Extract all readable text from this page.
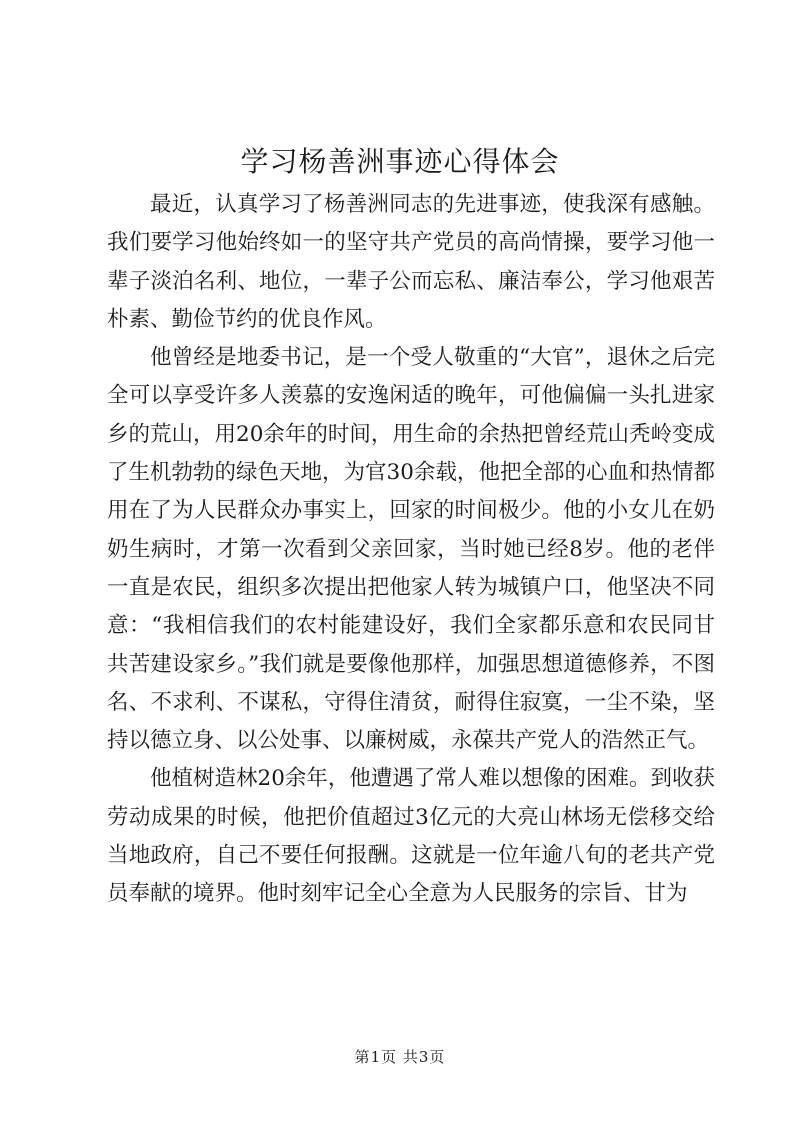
学习杨善洲事迹心得体会

最近，认真学习了杨善洲同志的先进事迹，使我深有感触。我们要学习他始终如一的坚守共产党员的高尚情操，要学习他一辈子淡泊名利、地位，一辈子公而忘私、廉洁奉公，学习他艰苦朴素、勤俭节约的优良作风。

他曾经是地委书记，是一个受人敬重的“大官”，退休之后完全可以享受许多人羡慕的安逸闲适的晚年，可他偏偏一头扎进家乡的荒山，用20余年的时间，用生命的余热把曾经荒山秃岭变成了生机勃勃的绿色天地，为官30余载，他把全部的心血和热情都用在了为人民群众办事实上，回家的时间极少。他的小女儿在奶奶生病时，才第一次看到父亲回家，当时她已经8岁。他的老伴一直是农民，组织多次提出把他家人转为城镇户口，他坚决不同意：“我相信我们的农村能建设好，我们全家都乐意和农民同甘共苦建设家乡。”我们就是要像他那样，加强思想道德修养，不图名、不求利、不谋私，守得住清贫，耐得住寂寞，一尘不染，坚持以德立身、以公处事、以廉树威，永葆共产党人的浩然正气。

他植树造林20余年，他遭遇了常人难以想像的困难。到收获劳动成果的时候，他把价值超过3亿元的大亮山林场无偿移交给当地政府，自己不要任何报酬。这就是一位年逾八旬的老共产党员奉献的境界。他时刻牢记全心全意为人民服务的宗旨、甘为

第1页 共3页
